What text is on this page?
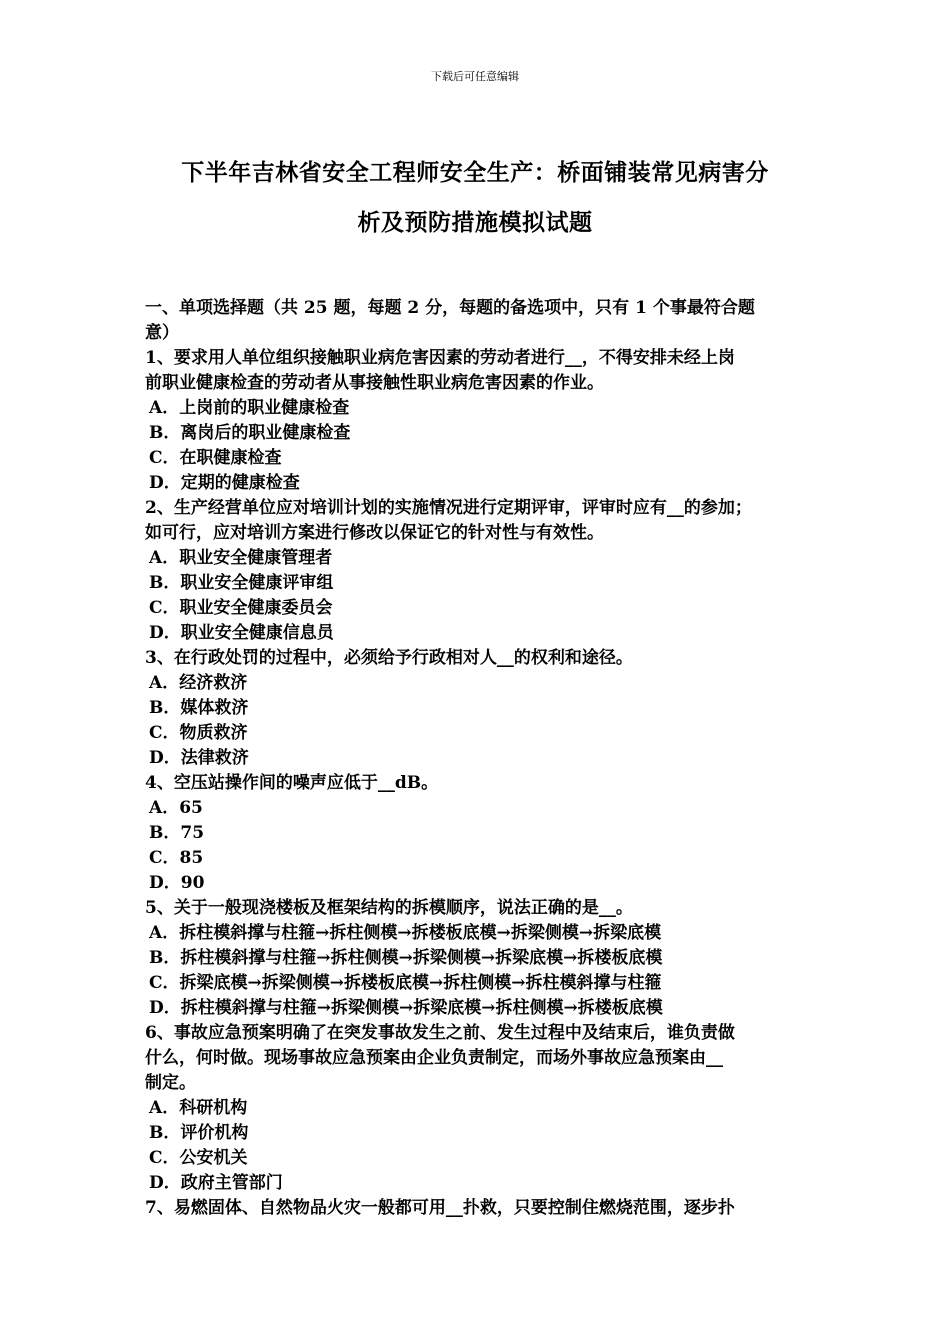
下载后可任意编辑
下半年吉林省安全工程师安全生产：桥面铺装常见病害分
析及预防措施模拟试题
一、单项选择题（共 25 题，每题 2 分，每题的备选项中，只有 1 个事最符合题
意）
1、要求用人单位组织接触职业病危害因素的劳动者进行__，不得安排未经上岗
前职业健康检查的劳动者从事接触性职业病危害因素的作业。
A．上岗前的职业健康检查
B．离岗后的职业健康检查
C．在职健康检查
D．定期的健康检查
2、生产经营单位应对培训计划的实施情况进行定期评审，评审时应有__的参加；
如可行，应对培训方案进行修改以保证它的针对性与有效性。
A．职业安全健康管理者
B．职业安全健康评审组
C．职业安全健康委员会
D．职业安全健康信息员
3、在行政处罚的过程中，必须给予行政相对人__的权利和途径。
A．经济救济
B．媒体救济
C．物质救济
D．法律救济
4、空压站操作间的噪声应低于__dB。
A．65
B．75
C．85
D．90
5、关于一般现浇楼板及框架结构的拆模顺序，说法正确的是__。
A．拆柱模斜撑与柱箍→拆柱侧模→拆楼板底模→拆梁侧模→拆梁底模
B．拆柱模斜撑与柱箍→拆柱侧模→拆梁侧模→拆梁底模→拆楼板底模
C．拆梁底模→拆梁侧模→拆楼板底模→拆柱侧模→拆柱模斜撑与柱箍
D．拆柱模斜撑与柱箍→拆梁侧模→拆梁底模→拆柱侧模→拆楼板底模
6、事故应急预案明确了在突发事故发生之前、发生过程中及结束后，谁负责做
什么，何时做。现场事故应急预案由企业负责制定，而场外事故应急预案由__
制定。
A．科研机构
B．评价机构
C．公安机关
D．政府主管部门
7、易燃固体、自然物品火灾一般都可用__扑救，只要控制住燃烧范围，逐步扑
